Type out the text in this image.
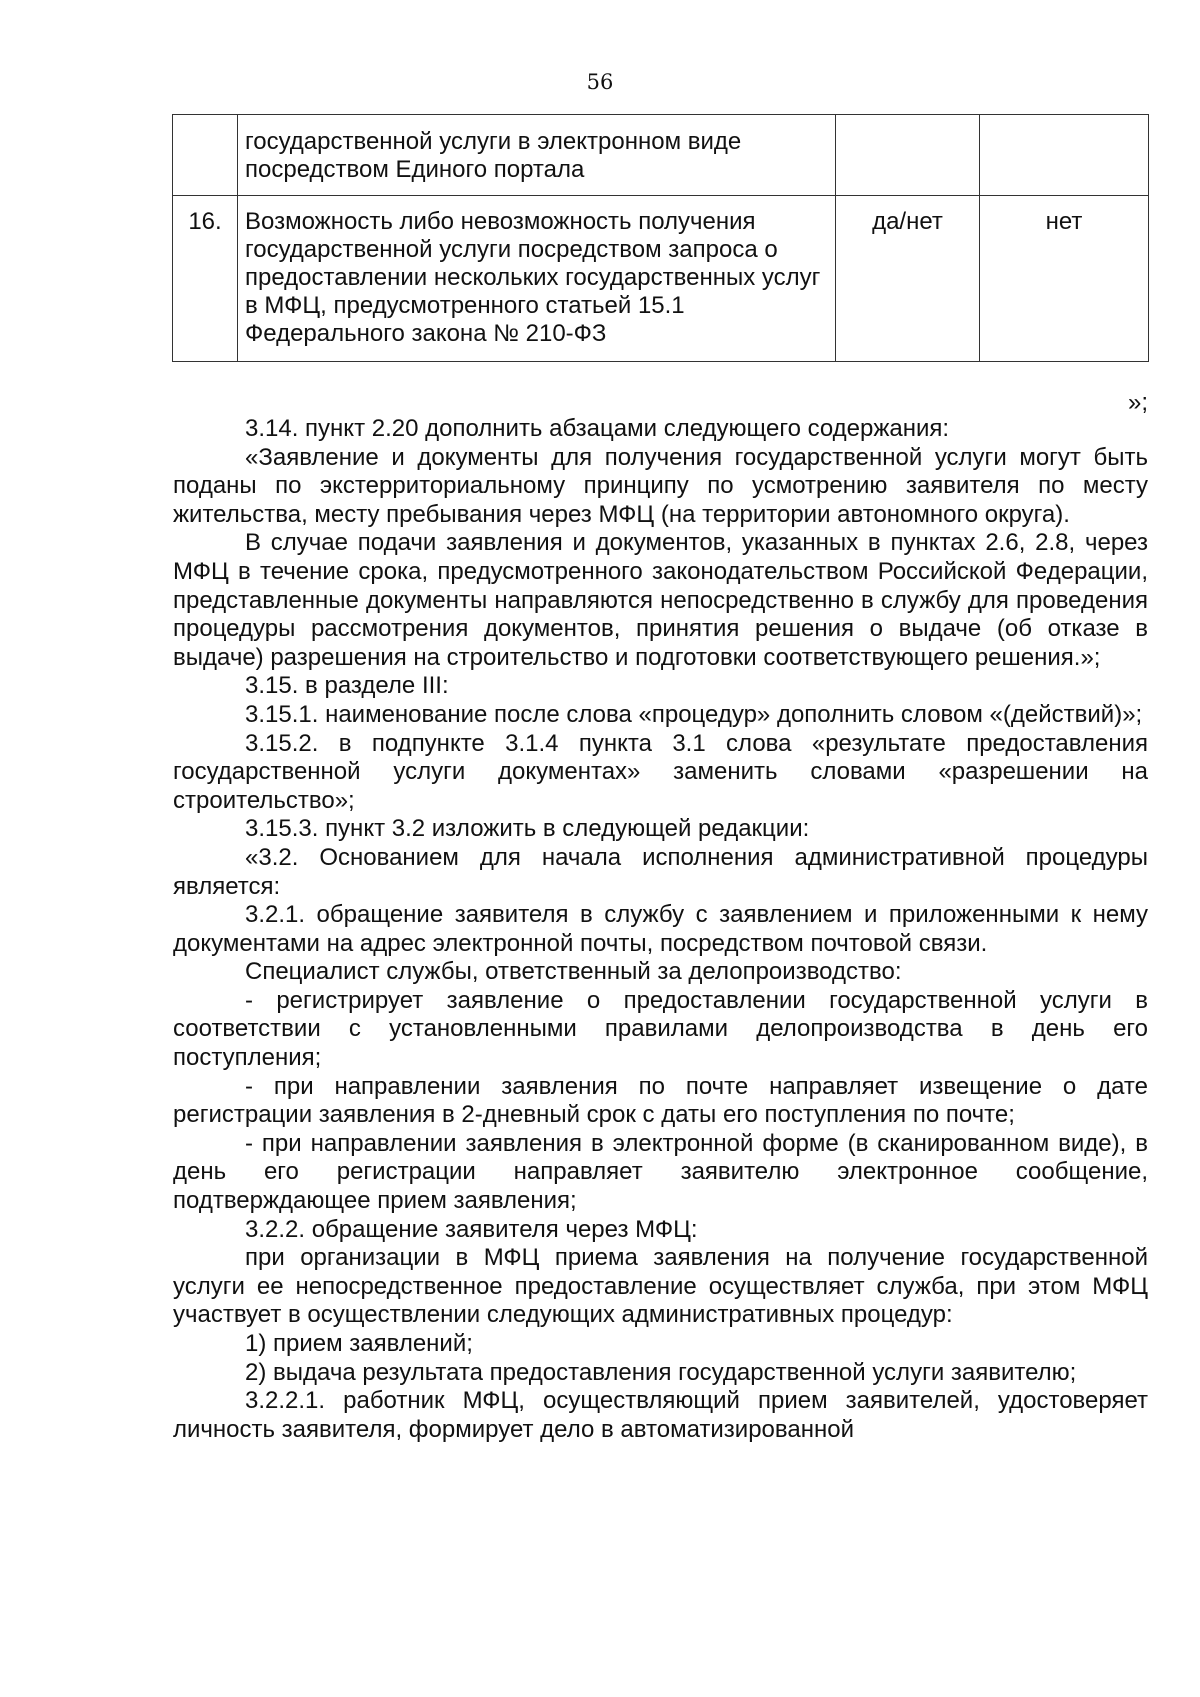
56
	государственной услуги в электронном виде посредством Единого портала		
16.	Возможность либо невозможность получения государственной услуги посредством запроса о предоставлении нескольких государственных услуг в МФЦ, предусмотренного статьей 15.1 Федерального закона № 210-ФЗ	да/нет	нет
»;

3.14. пункт 2.20 дополнить абзацами следующего содержания:

«Заявление и документы для получения государственной услуги могут быть поданы по экстерриториальному принципу по усмотрению заявителя по месту жительства, месту пребывания через МФЦ (на территории автономного округа).

В случае подачи заявления и документов, указанных в пунктах 2.6, 2.8, через МФЦ в течение срока, предусмотренного законодательством Российской Федерации, представленные документы направляются непосредственно в службу для проведения процедуры рассмотрения документов, принятия решения о выдаче (об отказе в выдаче) разрешения на строительство и подготовки соответствующего решения.»;

3.15. в разделе III:

3.15.1. наименование после слова «процедур» дополнить словом «(действий)»;

3.15.2. в подпункте 3.1.4 пункта 3.1 слова «результате предоставления государственной услуги документах» заменить словами «разрешении на строительство»;

3.15.3. пункт 3.2 изложить в следующей редакции:

«3.2. Основанием для начала исполнения административной процедуры является:

3.2.1. обращение заявителя в службу с заявлением и приложенными к нему документами на адрес электронной почты, посредством почтовой связи.

Специалист службы, ответственный за делопроизводство:

- регистрирует заявление о предоставлении государственной услуги в соответствии с установленными правилами делопроизводства в день его поступления;

- при направлении заявления по почте направляет извещение о дате регистрации заявления в 2-дневный срок с даты его поступления по почте;

- при направлении заявления в электронной форме (в сканированном виде), в день его регистрации направляет заявителю электронное сообщение, подтверждающее прием заявления;

3.2.2. обращение заявителя через МФЦ:

при организации в МФЦ приема заявления на получение государственной услуги ее непосредственное предоставление осуществляет служба, при этом МФЦ участвует в осуществлении следующих административных процедур:

1) прием заявлений;

2) выдача результата предоставления государственной услуги заявителю;

3.2.2.1. работник МФЦ, осуществляющий прием заявителей, удостоверяет личность заявителя, формирует дело в автоматизированной
